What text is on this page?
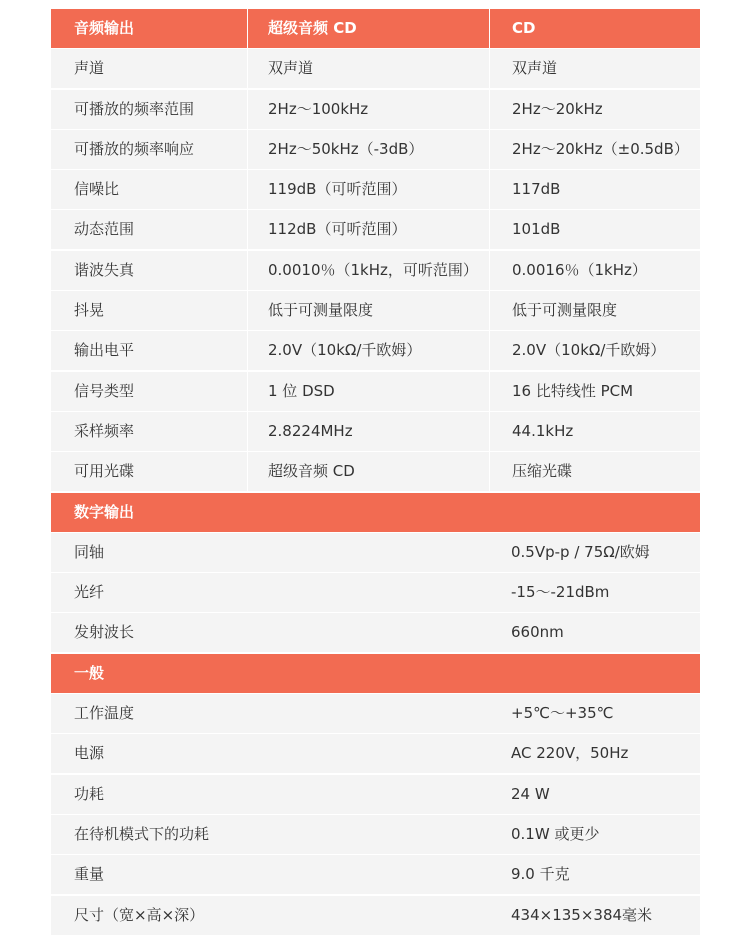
音频输出	超级音频 CD	CD
声道	双声道	双声道
可播放的频率范围	2Hz～100kHz	2Hz～20kHz
可播放的频率响应	2Hz～50kHz（-3dB）	2Hz～20kHz（±0.5dB）
信噪比	119dB（可听范围）	117dB
动态范围	112dB（可听范围）	101dB
谐波失真	0.0010％（1kHz，可听范围）	0.0016％（1kHz）
抖晃	低于可测量限度	低于可测量限度
输出电平	2.0V（10kΩ/千欧姆）	2.0V（10kΩ/千欧姆）
信号类型	1 位 DSD	16 比特线性 PCM
采样频率	2.8224MHz	44.1kHz
可用光碟	超级音频 CD	压缩光碟
数字输出
同轴	0.5Vp-p / 75Ω/欧姆
光纤	-15～-21dBm
发射波长	660nm
一般
工作温度	+5℃～+35℃
电源	AC 220V，50Hz
功耗	24 W
在待机模式下的功耗	0.1W 或更少
重量	9.0 千克
尺寸（宽×高×深）	434×135×384毫米
